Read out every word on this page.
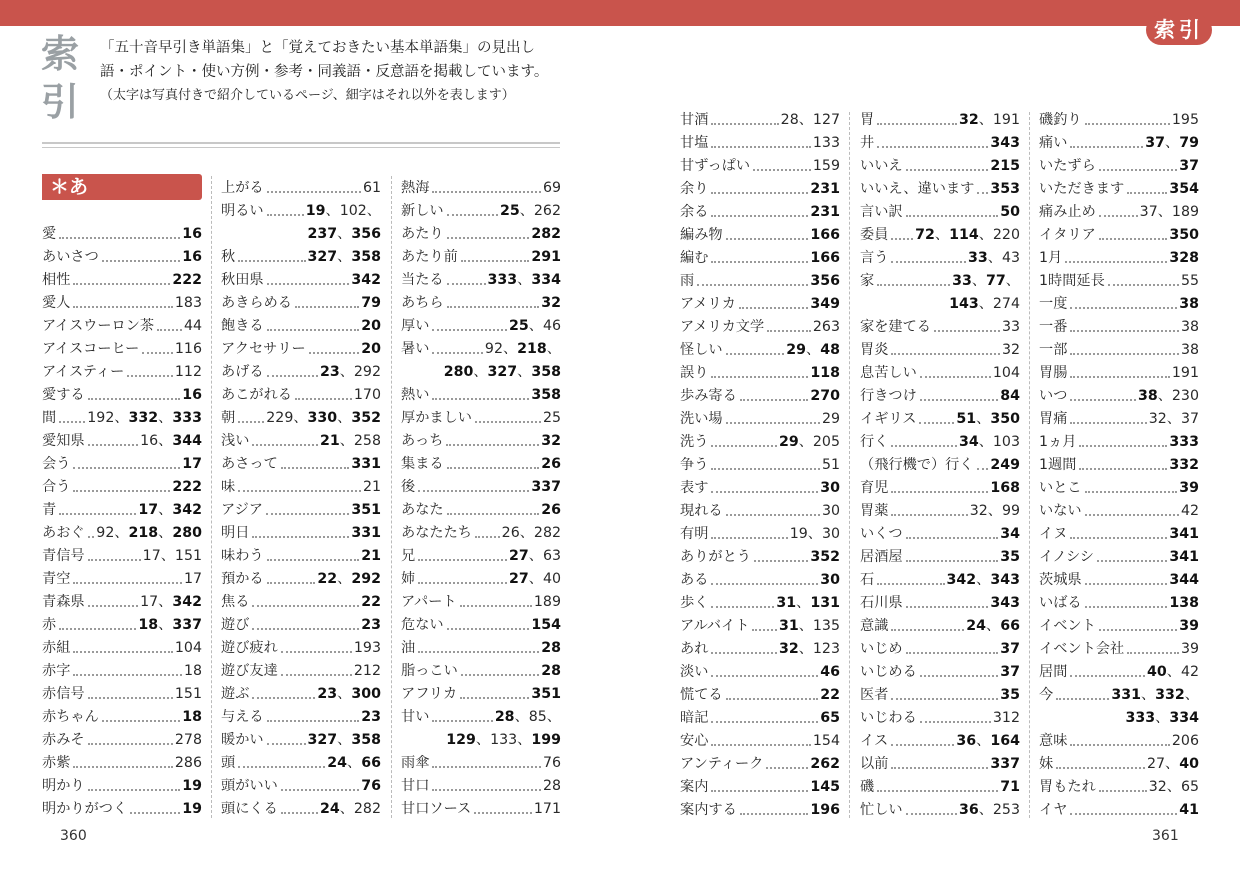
索引
索
引
「五十音早引き単語集」と「覚えておきたい基本単語集」の見出し
語・ポイント・使い方例・参考・同義語・反意語を掲載しています。
（太字は写真付きで紹介しているページ、細字はそれ以外を表します）
＊あ
愛	16
あいさつ	16
相性	222
愛人	183
アイスウーロン茶 44
アイスコーヒー	116
アイスティー	112
愛する	16
間 192、332、333
愛知県	16、344
会う	17
合う	222
青	17、342
あおぐ 92、218、280
青信号	17、151
青空	17
青森県	17、342
赤	18、337
赤組	104
赤字	18
赤信号	151
赤ちゃん	18
赤みそ	278
赤紫	286
明かり	19
明かりがつく	19
上がる	61
明るい	19、102、
237、356
秋	327、358
秋田県	342
あきらめる	79
飽きる	20
アクセサリー	20
あげる	23、292
あこがれる	170
朝 229、330、352
浅い	21、258
あさって	331
味	21
アジア	351
明日	331
味わう	21
預かる	22、292
焦る	22
遊び	23
遊び疲れ	193
遊び友達	212
遊ぶ	23、300
与える	23
暖かい	327、358
頭	24、66
頭がいい	76
頭にくる	24、282
熱海	69
新しい	25、262
あたり	282
あたり前	291
当たる	333、334
あちら	32
厚い	25、46
暑い	92、218、
280、327、358
熱い	358
厚かましい	25
あっち	32
集まる	26
後	337
あなた	26
あなたたち 26、282
兄	27、63
姉	27、40
アパート	189
危ない	154
油	28
脂っこい	28
アフリカ	351
甘い	28、85、
129、133、199
雨傘	76
甘口	28
甘口ソース	171
甘酒	28、127
甘塩	133
甘ずっぱい	159
余り	231
余る	231
編み物	166
編む	166
雨	356
アメリカ	349
アメリカ文学	263
怪しい	29、48
誤り	118
歩み寄る	270
洗い場	29
洗う	29、205
争う	51
表す	30
現れる	30
有明	19、30
ありがとう	352
ある	30
歩く	31、131
アルバイト 31、135
あれ	32、123
淡い	46
慌てる	22
暗記	65
安心	154
アンティーク	262
案内	145
案内する	196
胃	32、191
井	343
いいえ	215
いいえ、違います 353
言い訳	50
委員 72、114、220
言う	33、43
家	33、77、
143、274
家を建てる	33
胃炎	32
息苦しい	104
行きつけ	84
イギリス	51、350
行く	34、103
（飛行機で）行く 249
育児	168
胃薬	32、99
いくつ	34
居酒屋	35
石	342、343
石川県	343
意識	24、66
いじめ	37
いじめる	37
医者	35
いじわる	312
イス	36、164
以前	337
磯	71
忙しい	36、253
磯釣り	195
痛い	37、79
いたずら	37
いただきます	354
痛み止め	37、189
イタリア	350
1月	328
1時間延長	55
一度	38
一番	38
一部	38
胃腸	191
いつ	38、230
胃痛	32、37
1ヵ月	333
1週間	332
いとこ	39
いない	42
イヌ	341
イノシシ	341
茨城県	344
いばる	138
イベント	39
イベント会社	39
居間	40、42
今	331、332、
333、334
意味	206
妹	27、40
胃もたれ	32、65
イヤ	41
360	361
